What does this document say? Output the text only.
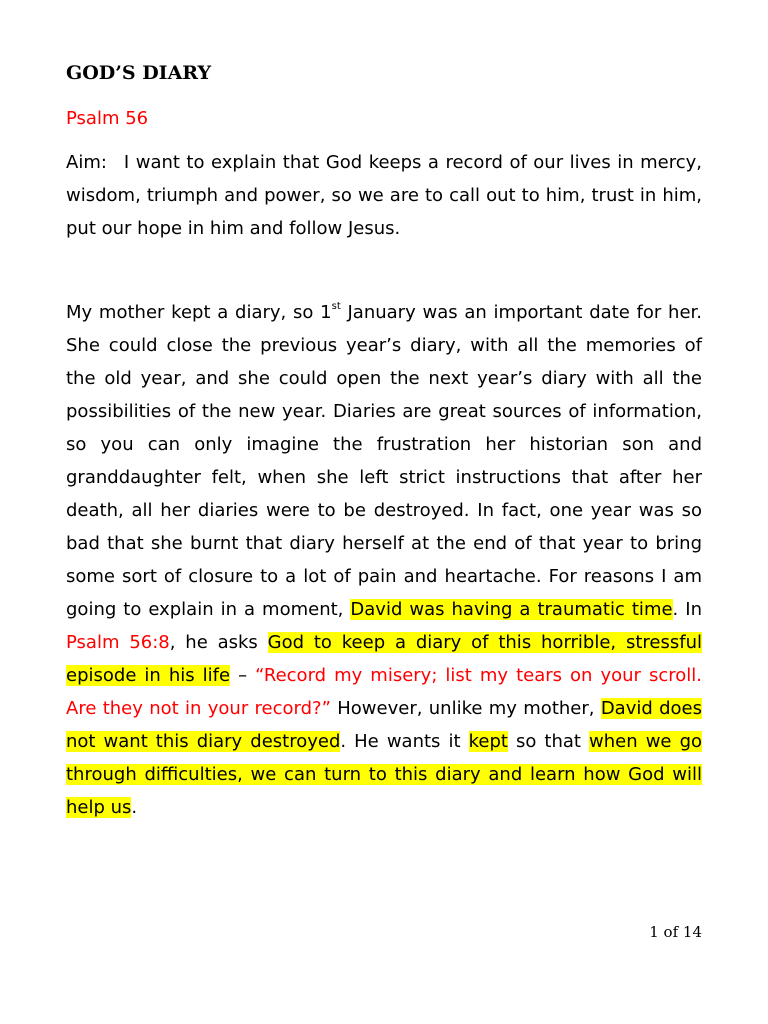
GOD’S DIARY

Psalm 56

Aim: I want to explain that God keeps a record of our lives in mercy, wisdom, triumph and power, so we are to call out to him, trust in him, put our hope in him and follow Jesus.

My mother kept a diary, so 1st January was an important date for her. She could close the previous year’s diary, with all the memories of the old year, and she could open the next year’s diary with all the possibilities of the new year. Diaries are great sources of information, so you can only imagine the frustration her historian son and granddaughter felt, when she left strict instructions that after her death, all her diaries were to be destroyed. In fact, one year was so bad that she burnt that diary herself at the end of that year to bring some sort of closure to a lot of pain and heartache. For reasons I am going to explain in a moment, David was having a traumatic time. In Psalm 56:8, he asks God to keep a diary of this horrible, stressful episode in his life – “Record my misery; list my tears on your scroll. Are they not in your record?” However, unlike my mother, David does not want this diary destroyed. He wants it kept so that when we go through difficulties, we can turn to this diary and learn how God will help us.

1 of 14
